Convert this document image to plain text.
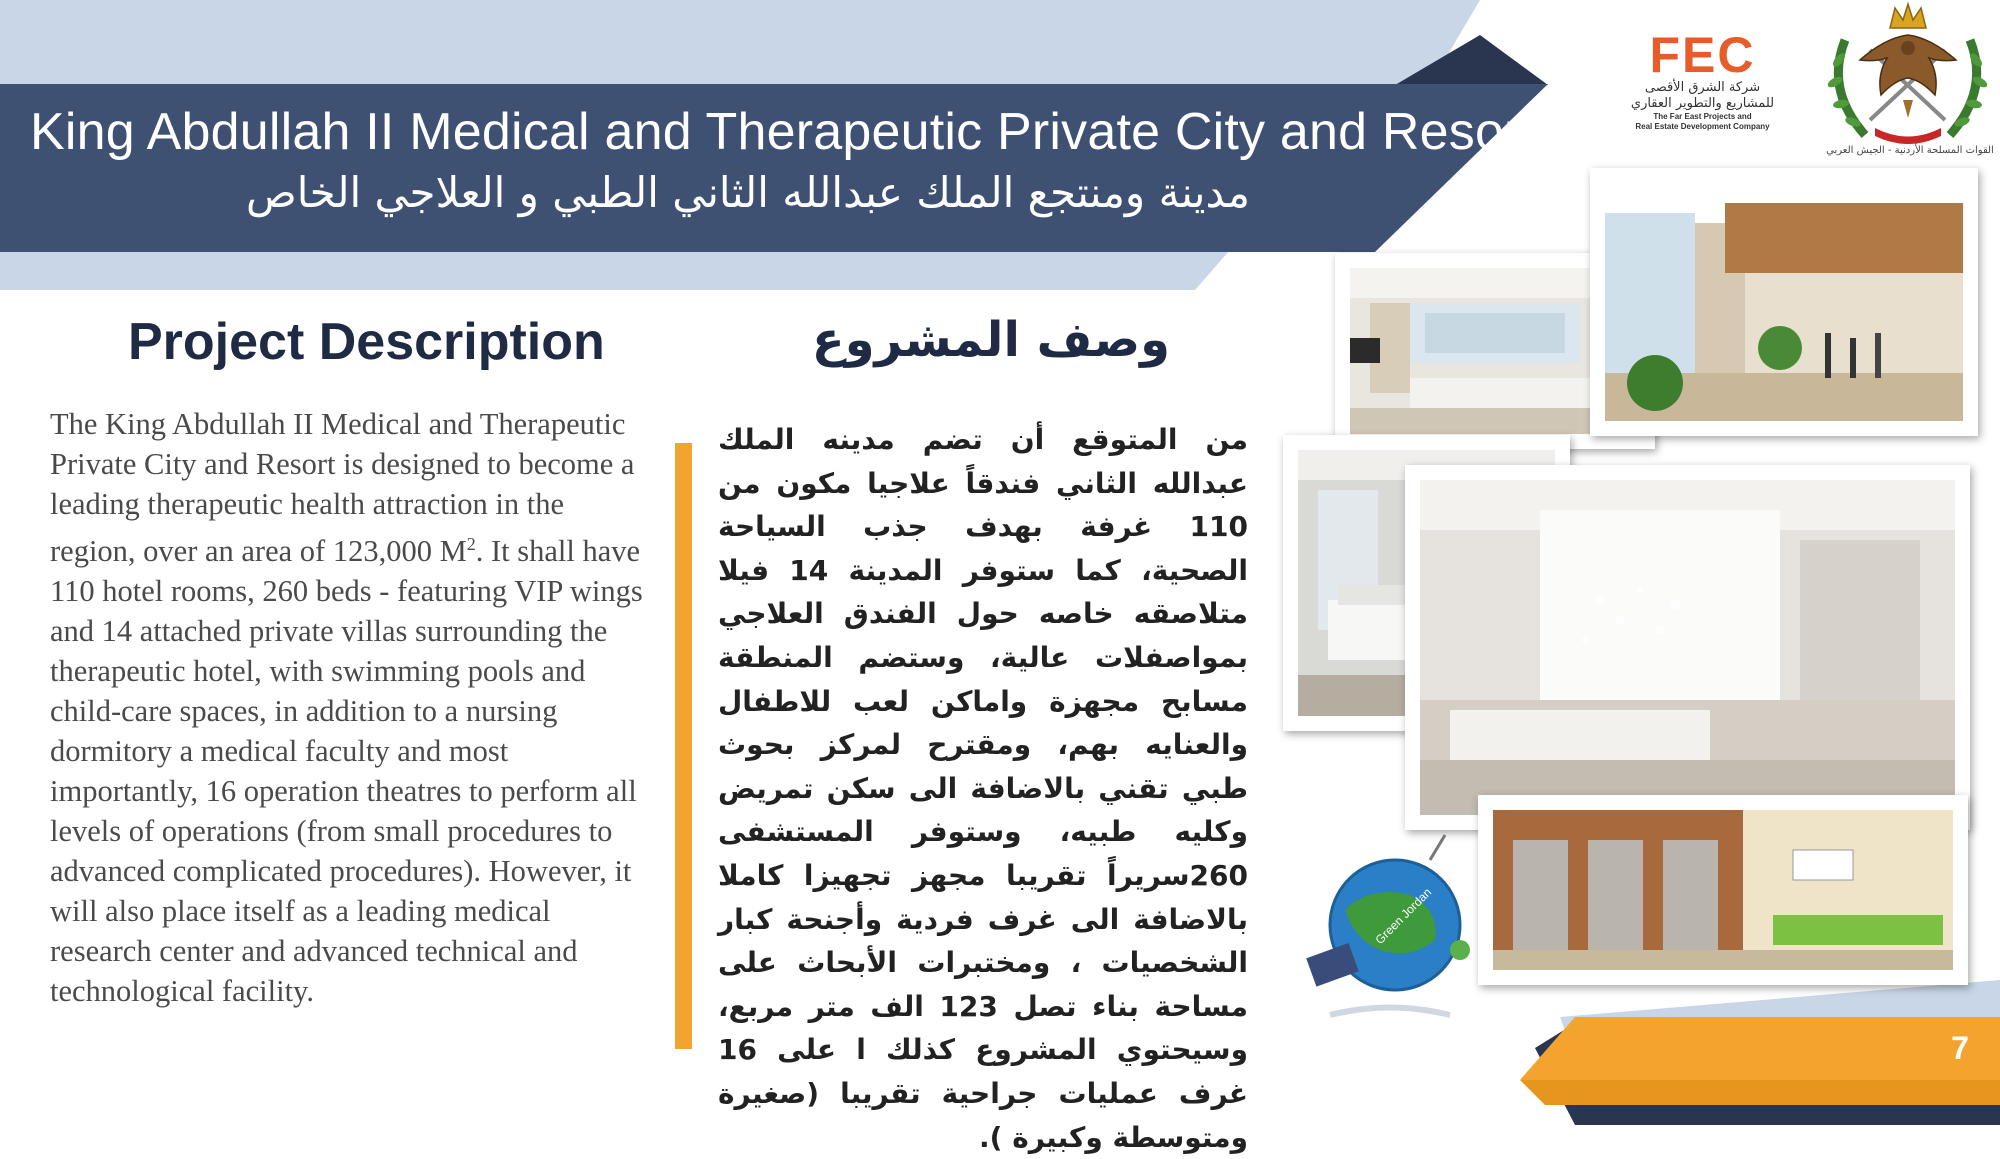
King Abdullah II Medical and Therapeutic Private City and Resort
مدينة ومنتجع الملك عبدالله الثاني الطبي و العلاجي الخاص
FEC
شركة الشرق الأقصى
للمشاريع والتطوير العقاري
The Far East Projects and
Real Estate Development Company
القوات المسلحة الأردنية - الجيش العربي
Project Description	وصف المشروع
The King Abdullah II Medical and Therapeutic Private City and Resort is designed to become a leading therapeutic health attraction in the region, over an area of 123,000 $M^2$. It shall have 110 hotel rooms, 260 beds - featuring VIP wings and 14 attached private villas surrounding the therapeutic hotel, with swimming pools and child-care spaces, in addition to a nursing dormitory a medical faculty and most importantly, 16 operation theatres to perform all levels of operations (from small procedures to advanced complicated procedures). However, it will also place itself as a leading medical research center and advanced technical and technological facility.
من المتوقع أن تضم مدينه الملك عبدالله الثاني فندقاً علاجيا مكون من 110 غرفة بهدف جذب السياحة الصحية، كما ستوفر المدينة 14 فيلا متلاصقه خاصه حول الفندق العلاجي بمواصفلات عالية، وستضم المنطقة مسابح مجهزة واماكن لعب للاطفال والعنايه بهم، ومقترح لمركز بحوث طبي تقني بالاضافة الى سكن تمريض وكليه طبيه، وستوفر المستشفى 260سريراً تقريبا مجهز تجهيزا كاملا بالاضافة الى غرف فردية وأجنحة كبار الشخصيات ، ومختبرات الأبحاث على مساحة بناء تصل 123 الف متر مربع، وسيحتوي المشروع كذلك ا على 16 غرف عمليات جراحية تقريبا (صغيرة ومتوسطة وكبيرة ).
Green Jordan
7
